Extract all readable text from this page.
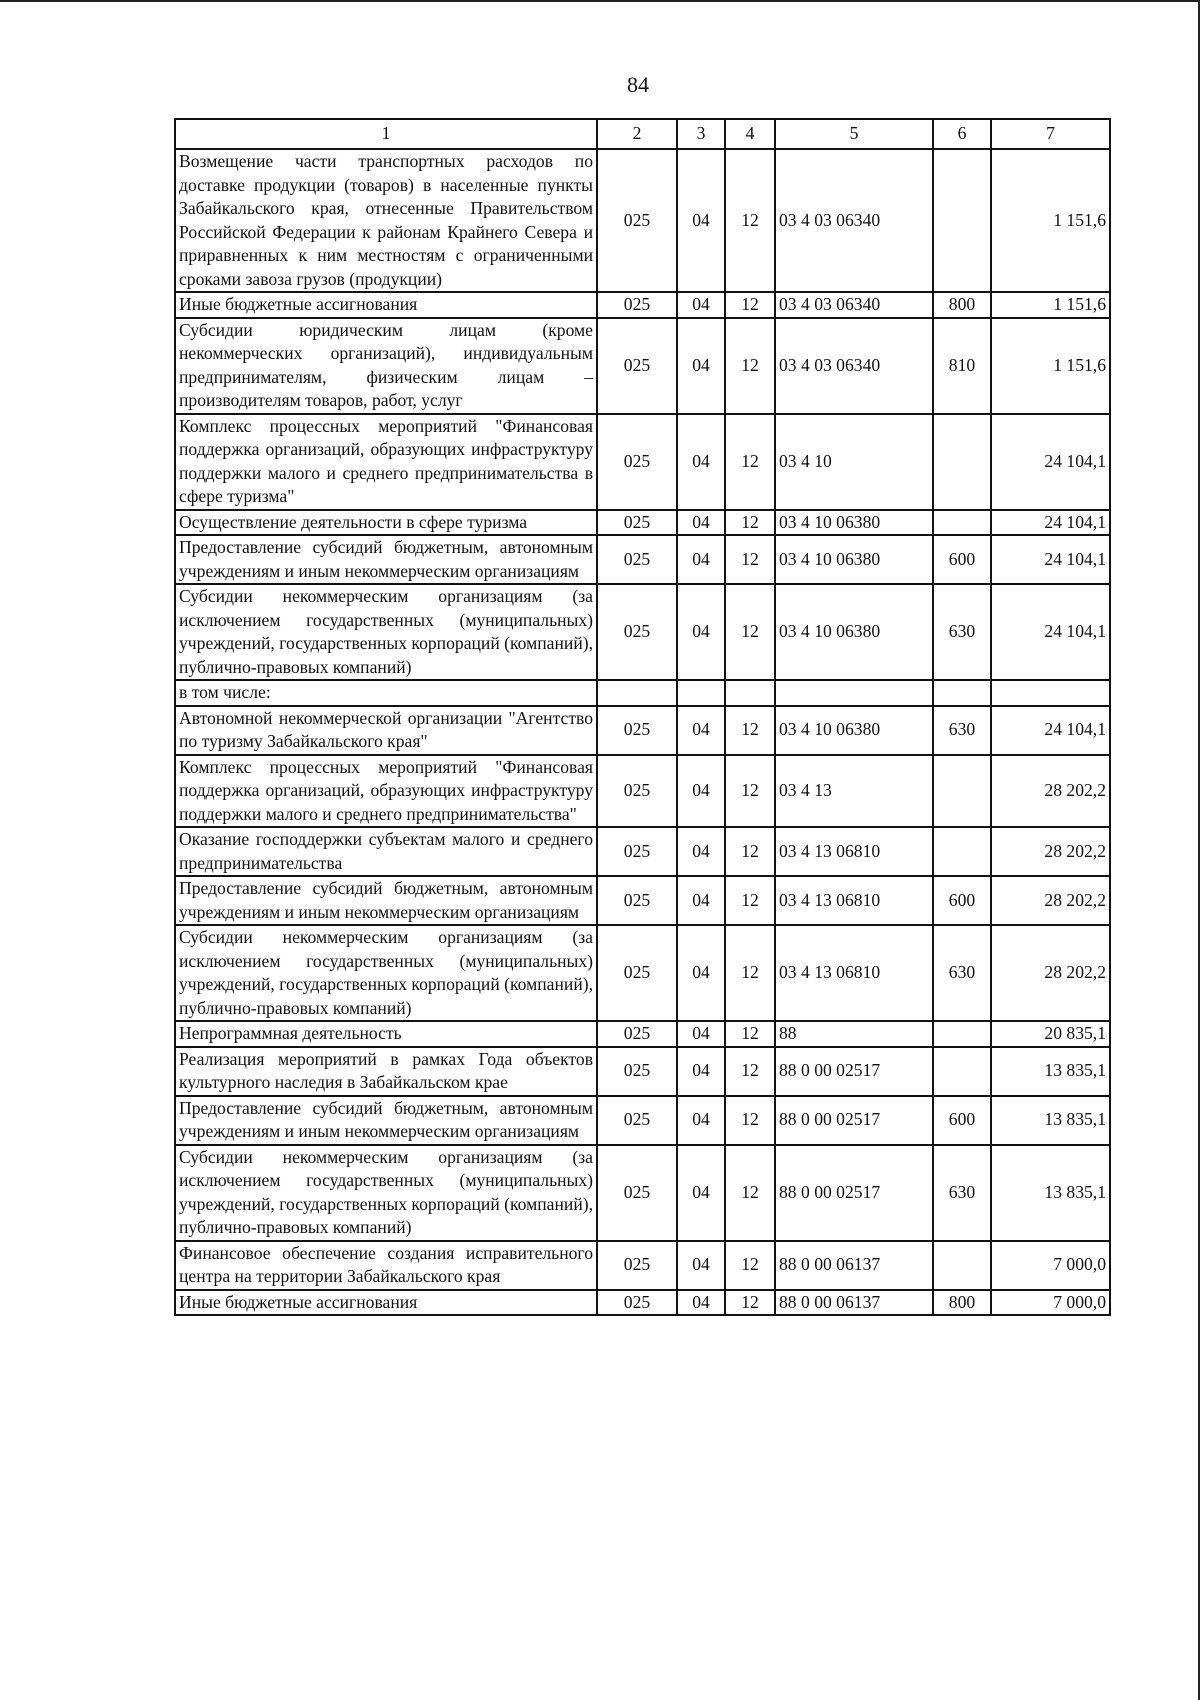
84
1	2	3	4	5	6	7
Возмещение части транспортных расходов по доставке продукции (товаров) в населенные пункты Забайкальского края, отнесенные Правительством Российской Федерации к районам Крайнего Севера и приравненных к ним местностям с ограниченными сроками завоза грузов (продукции)	025	04	12	03 4 03 06340		1 151,6
Иные бюджетные ассигнования	025	04	12	03 4 03 06340	800	1 151,6
Субсидии юридическим лицам (кроме некоммерческих организаций), индивидуальным предпринимателям, физическим лицам – производителям товаров, работ, услуг	025	04	12	03 4 03 06340	810	1 151,6
Комплекс процессных мероприятий "Финансовая поддержка организаций, образующих инфраструктуру поддержки малого и среднего предпринимательства в сфере туризма"	025	04	12	03 4 10		24 104,1
Осуществление деятельности в сфере туризма	025	04	12	03 4 10 06380		24 104,1
Предоставление субсидий бюджетным, автономным учреждениям и иным некоммерческим организациям	025	04	12	03 4 10 06380	600	24 104,1
Субсидии некоммерческим организациям (за исключением государственных (муниципальных) учреждений, государственных корпораций (компаний), публично-правовых компаний)	025	04	12	03 4 10 06380	630	24 104,1
в том числе:						
Автономной некоммерческой организации "Агентство по туризму Забайкальского края"	025	04	12	03 4 10 06380	630	24 104,1
Комплекс процессных мероприятий "Финансовая поддержка организаций, образующих инфраструктуру поддержки малого и среднего предпринимательства"	025	04	12	03 4 13		28 202,2
Оказание господдержки субъектам малого и среднего предпринимательства	025	04	12	03 4 13 06810		28 202,2
Предоставление субсидий бюджетным, автономным учреждениям и иным некоммерческим организациям	025	04	12	03 4 13 06810	600	28 202,2
Субсидии некоммерческим организациям (за исключением государственных (муниципальных) учреждений, государственных корпораций (компаний), публично-правовых компаний)	025	04	12	03 4 13 06810	630	28 202,2
Непрограммная деятельность	025	04	12	88		20 835,1
Реализация мероприятий в рамках Года объектов культурного наследия в Забайкальском крае	025	04	12	88 0 00 02517		13 835,1
Предоставление субсидий бюджетным, автономным учреждениям и иным некоммерческим организациям	025	04	12	88 0 00 02517	600	13 835,1
Субсидии некоммерческим организациям (за исключением государственных (муниципальных) учреждений, государственных корпораций (компаний), публично-правовых компаний)	025	04	12	88 0 00 02517	630	13 835,1
Финансовое обеспечение создания исправительного центра на территории Забайкальского края	025	04	12	88 0 00 06137		7 000,0
Иные бюджетные ассигнования	025	04	12	88 0 00 06137	800	7 000,0
